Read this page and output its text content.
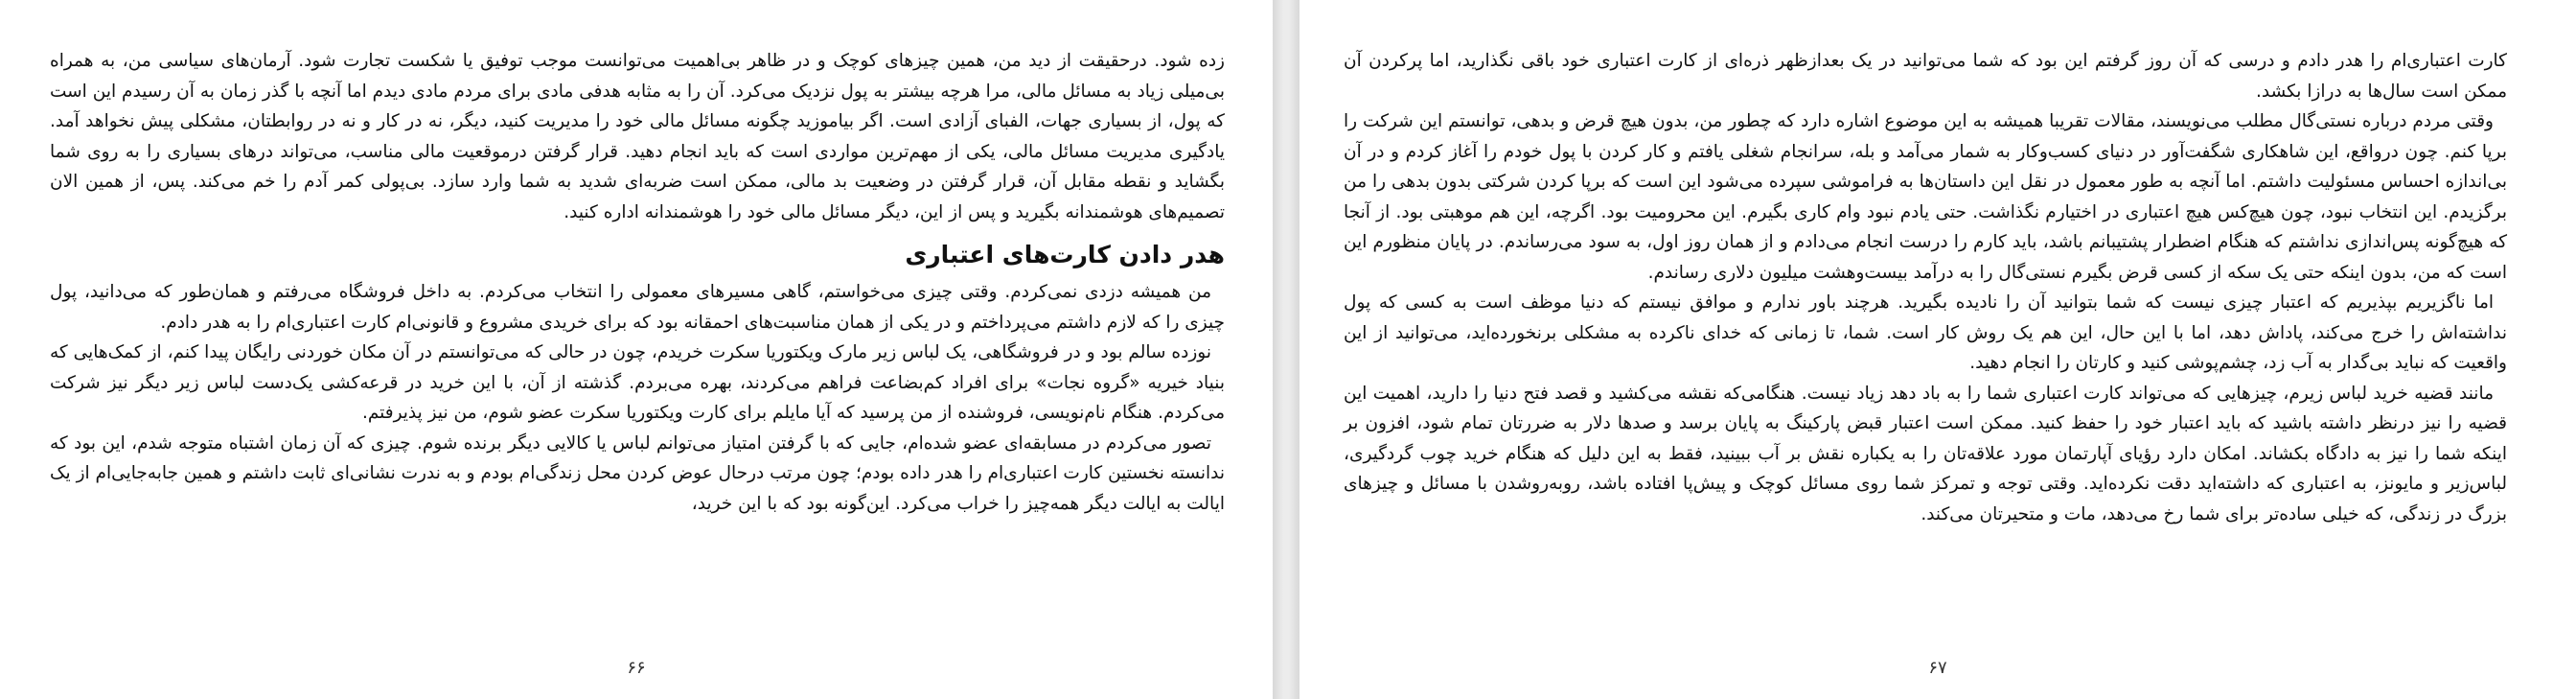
زده شود. درحقیقت از دید من، همین چیزهای کوچک و در ظاهر بی‌اهمیت می‌توانست موجب توفیق یا شکست تجارت شود. آرمان‌های سیاسی من، به همراه بی‌میلی زیاد به مسائل مالی، مرا هرچه بیشتر به پول نزدیک می‌کرد. آن را به مثابه هدفی مادی برای مردم مادی دیدم اما آنچه با گذر زمان به آن رسیدم این است که پول، از بسیاری جهات، الفبای آزادی است. اگر بیاموزید چگونه مسائل مالی خود را مدیریت کنید، دیگر، نه در کار و نه در روابطتان، مشکلی پیش نخواهد آمد. یادگیری مدیریت مسائل مالی، یکی از مهم‌ترین مواردی است که باید انجام دهید. قرار گرفتن درموقعیت مالی مناسب، می‌تواند درهای بسیاری را به روی شما بگشاید و نقطه مقابل آن، قرار گرفتن در وضعیت بد مالی، ممکن است ضربه‌ای شدید به شما وارد سازد. بی‌پولی کمر آدم را خم می‌کند. پس، از همین الان تصمیم‌های هوشمندانه بگیرید و پس از این، دیگر مسائل مالی خود را هوشمندانه اداره کنید.

هدر دادن کارت‌های اعتباری

من همیشه دزدی نمی‌کردم. وقتی چیزی می‌خواستم، گاهی مسیرهای معمولی را انتخاب می‌کردم. به داخل فروشگاه می‌رفتم و همان‌طور که می‌دانید، پول چیزی را که لازم داشتم می‌پرداختم و در یکی از همان مناسبت‌های احمقانه بود که برای خریدی مشروع و قانونی‌ام کارت اعتباری‌ام را به هدر دادم.

نوزده سالم بود و در فروشگاهی، یک لباس زیر مارک ویکتوریا سکرت خریدم، چون در حالی که می‌توانستم در آن مکان خوردنی رایگان پیدا کنم، از کمک‌هایی که بنیاد خیریه «گروه نجات» برای افراد کم‌بضاعت فراهم می‌کردند، بهره می‌بردم. گذشته از آن، با این خرید در قرعه‌کشی یک‌دست لباس زیر دیگر نیز شرکت می‌کردم. هنگام نام‌نویسی، فروشنده از من پرسید که آیا مایلم برای کارت ویکتوریا سکرت عضو شوم، من نیز پذیرفتم.

تصور می‌کردم در مسابقه‌ای عضو شده‌ام، جایی که با گرفتن امتیاز می‌توانم لباس یا کالایی دیگر برنده شوم. چیزی که آن زمان اشتباه متوجه شدم، این بود که ندانسته نخستین کارت اعتباری‌ام را هدر داده بودم؛ چون مرتب درحال عوض کردن محل زندگی‌ام بودم و به ندرت نشانی‌ای ثابت داشتم و همین جابه‌جایی‌ام از یک ایالت به ایالت دیگر همه‌چیز را خراب می‌کرد. این‌گونه بود که با این خرید،

۶۶

کارت اعتباری‌ام را هدر دادم و درسی که آن روز گرفتم این بود که شما می‌توانید در یک بعدازظهر ذره‌ای از کارت اعتباری خود باقی نگذارید، اما پرکردن آن ممکن است سال‌ها به درازا بکشد.

وقتی مردم درباره نستی‌گال مطلب می‌نویسند، مقالات تقریبا همیشه به این موضوع اشاره دارد که چطور من، بدون هیچ قرض و بدهی، توانستم این شرکت را برپا کنم. چون درواقع، این شاهکاری شگفت‌آور در دنیای کسب‌وکار به شمار می‌آمد و بله، سرانجام شغلی یافتم و کار کردن با پول خودم را آغاز کردم و در آن بی‌اندازه احساس مسئولیت داشتم. اما آنچه به طور معمول در نقل این داستان‌ها به فراموشی سپرده می‌شود این است که برپا کردن شرکتی بدون بدهی را من برگزیدم. این انتخاب نبود، چون هیچ‌کس هیچ اعتباری در اختیارم نگذاشت. حتی یادم نبود وام کاری بگیرم. این محرومیت بود. اگرچه، این هم موهبتی بود. از آنجا که هیچ‌گونه پس‌اندازی نداشتم که هنگام اضطرار پشتیبانم باشد، باید کارم را درست انجام می‌دادم و از همان روز اول، به سود می‌رساندم. در پایان منظورم این است که من، بدون اینکه حتی یک سکه از کسی قرض بگیرم نستی‌گال را به درآمد بیست‌وهشت میلیون دلاری رساندم.

اما ناگزیریم بپذیریم که اعتبار چیزی نیست که شما بتوانید آن را نادیده بگیرید. هرچند باور ندارم و موافق نیستم که دنیا موظف است به کسی که پول نداشته‌اش را خرج می‌کند، پاداش دهد، اما با این حال، این هم یک روش کار است. شما، تا زمانی که خدای ناکرده به مشکلی برنخورده‌اید، می‌توانید از این واقعیت که نباید بی‌گدار به آب زد، چشم‌پوشی کنید و کارتان را انجام دهید.

مانند قضیه خرید لباس زیرم، چیزهایی که می‌تواند کارت اعتباری شما را به باد دهد زیاد نیست. هنگامی‌که نقشه می‌کشید و قصد فتح دنیا را دارید، اهمیت این قضیه را نیز درنظر داشته باشید که باید اعتبار خود را حفظ کنید. ممکن است اعتبار قبض پارکینگ به پایان برسد و صدها دلار به ضررتان تمام شود، افزون بر اینکه شما را نیز به دادگاه بکشاند. امکان دارد رؤیای آپارتمان مورد علاقه‌تان را به یکباره نقش بر آب ببینید، فقط به این دلیل که هنگام خرید چوب گردگیری، لباس‌زیر و مایونز، به اعتباری که داشته‌اید دقت نکرده‌اید. وقتی توجه و تمرکز شما روی مسائل کوچک و پیش‌پا افتاده باشد، روبه‌روشدن با مسائل و چیزهای بزرگ در زندگی، که خیلی ساده‌تر برای شما رخ می‌دهد، مات و متحیرتان می‌کند.

۶۷
